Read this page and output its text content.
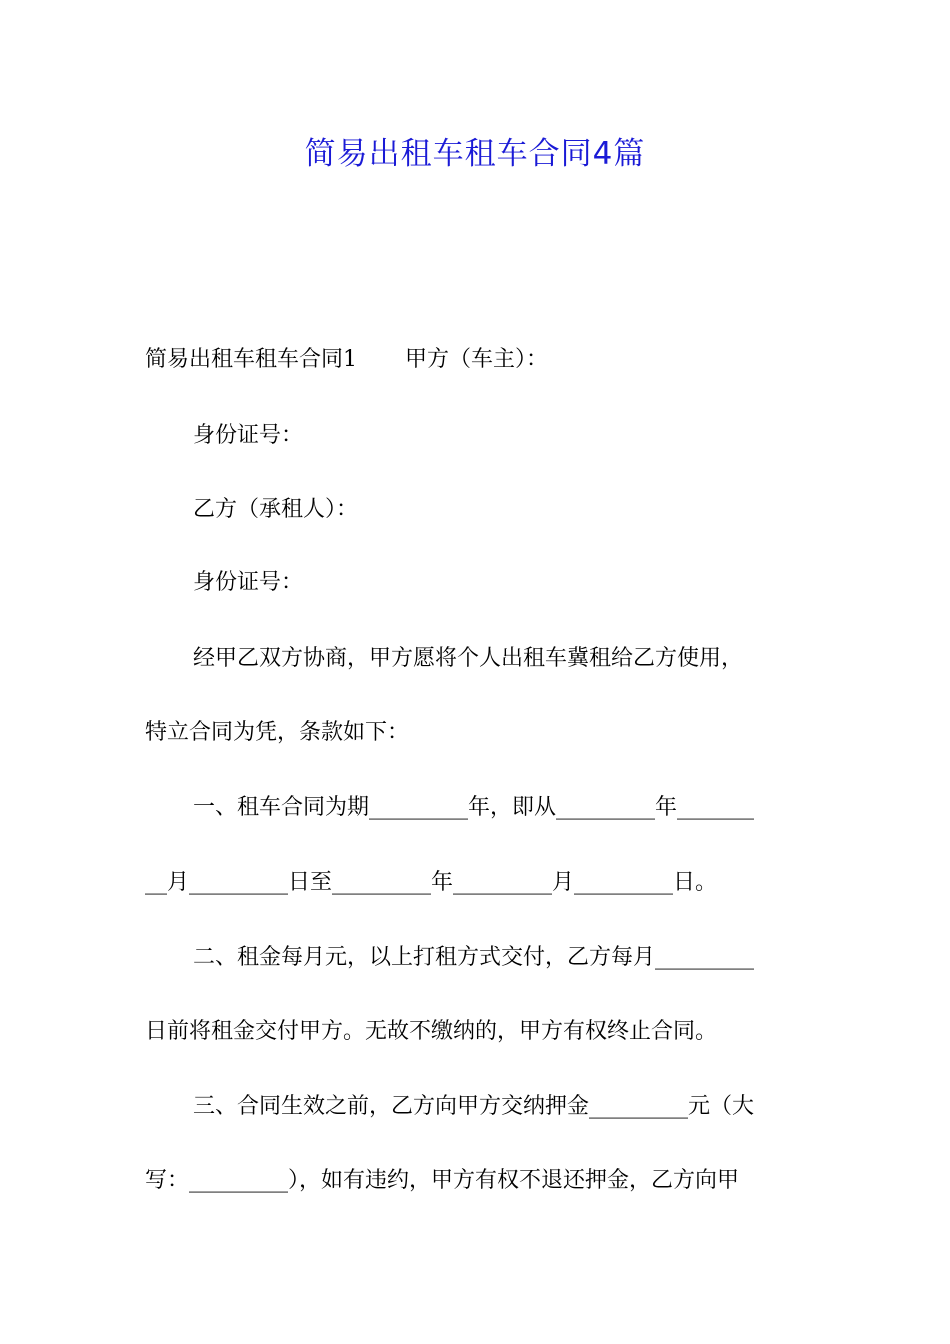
简易出租车租车合同4篇
简易出租车租车合同1 甲方（车主）：
身份证号：
乙方（承租人）：
身份证号：
经甲乙双方协商，甲方愿将个人出租车冀租给乙方使用，
特立合同为凭，条款如下：
一、租车合同为期_________年，即从_________年_______
__月_________日至_________年_________月_________日。
二、租金每月元，以上打租方式交付，乙方每月_________
日前将租金交付甲方。无故不缴纳的，甲方有权终止合同。
三、合同生效之前，乙方向甲方交纳押金_________元（大
写：_________），如有违约，甲方有权不退还押金，乙方向甲
